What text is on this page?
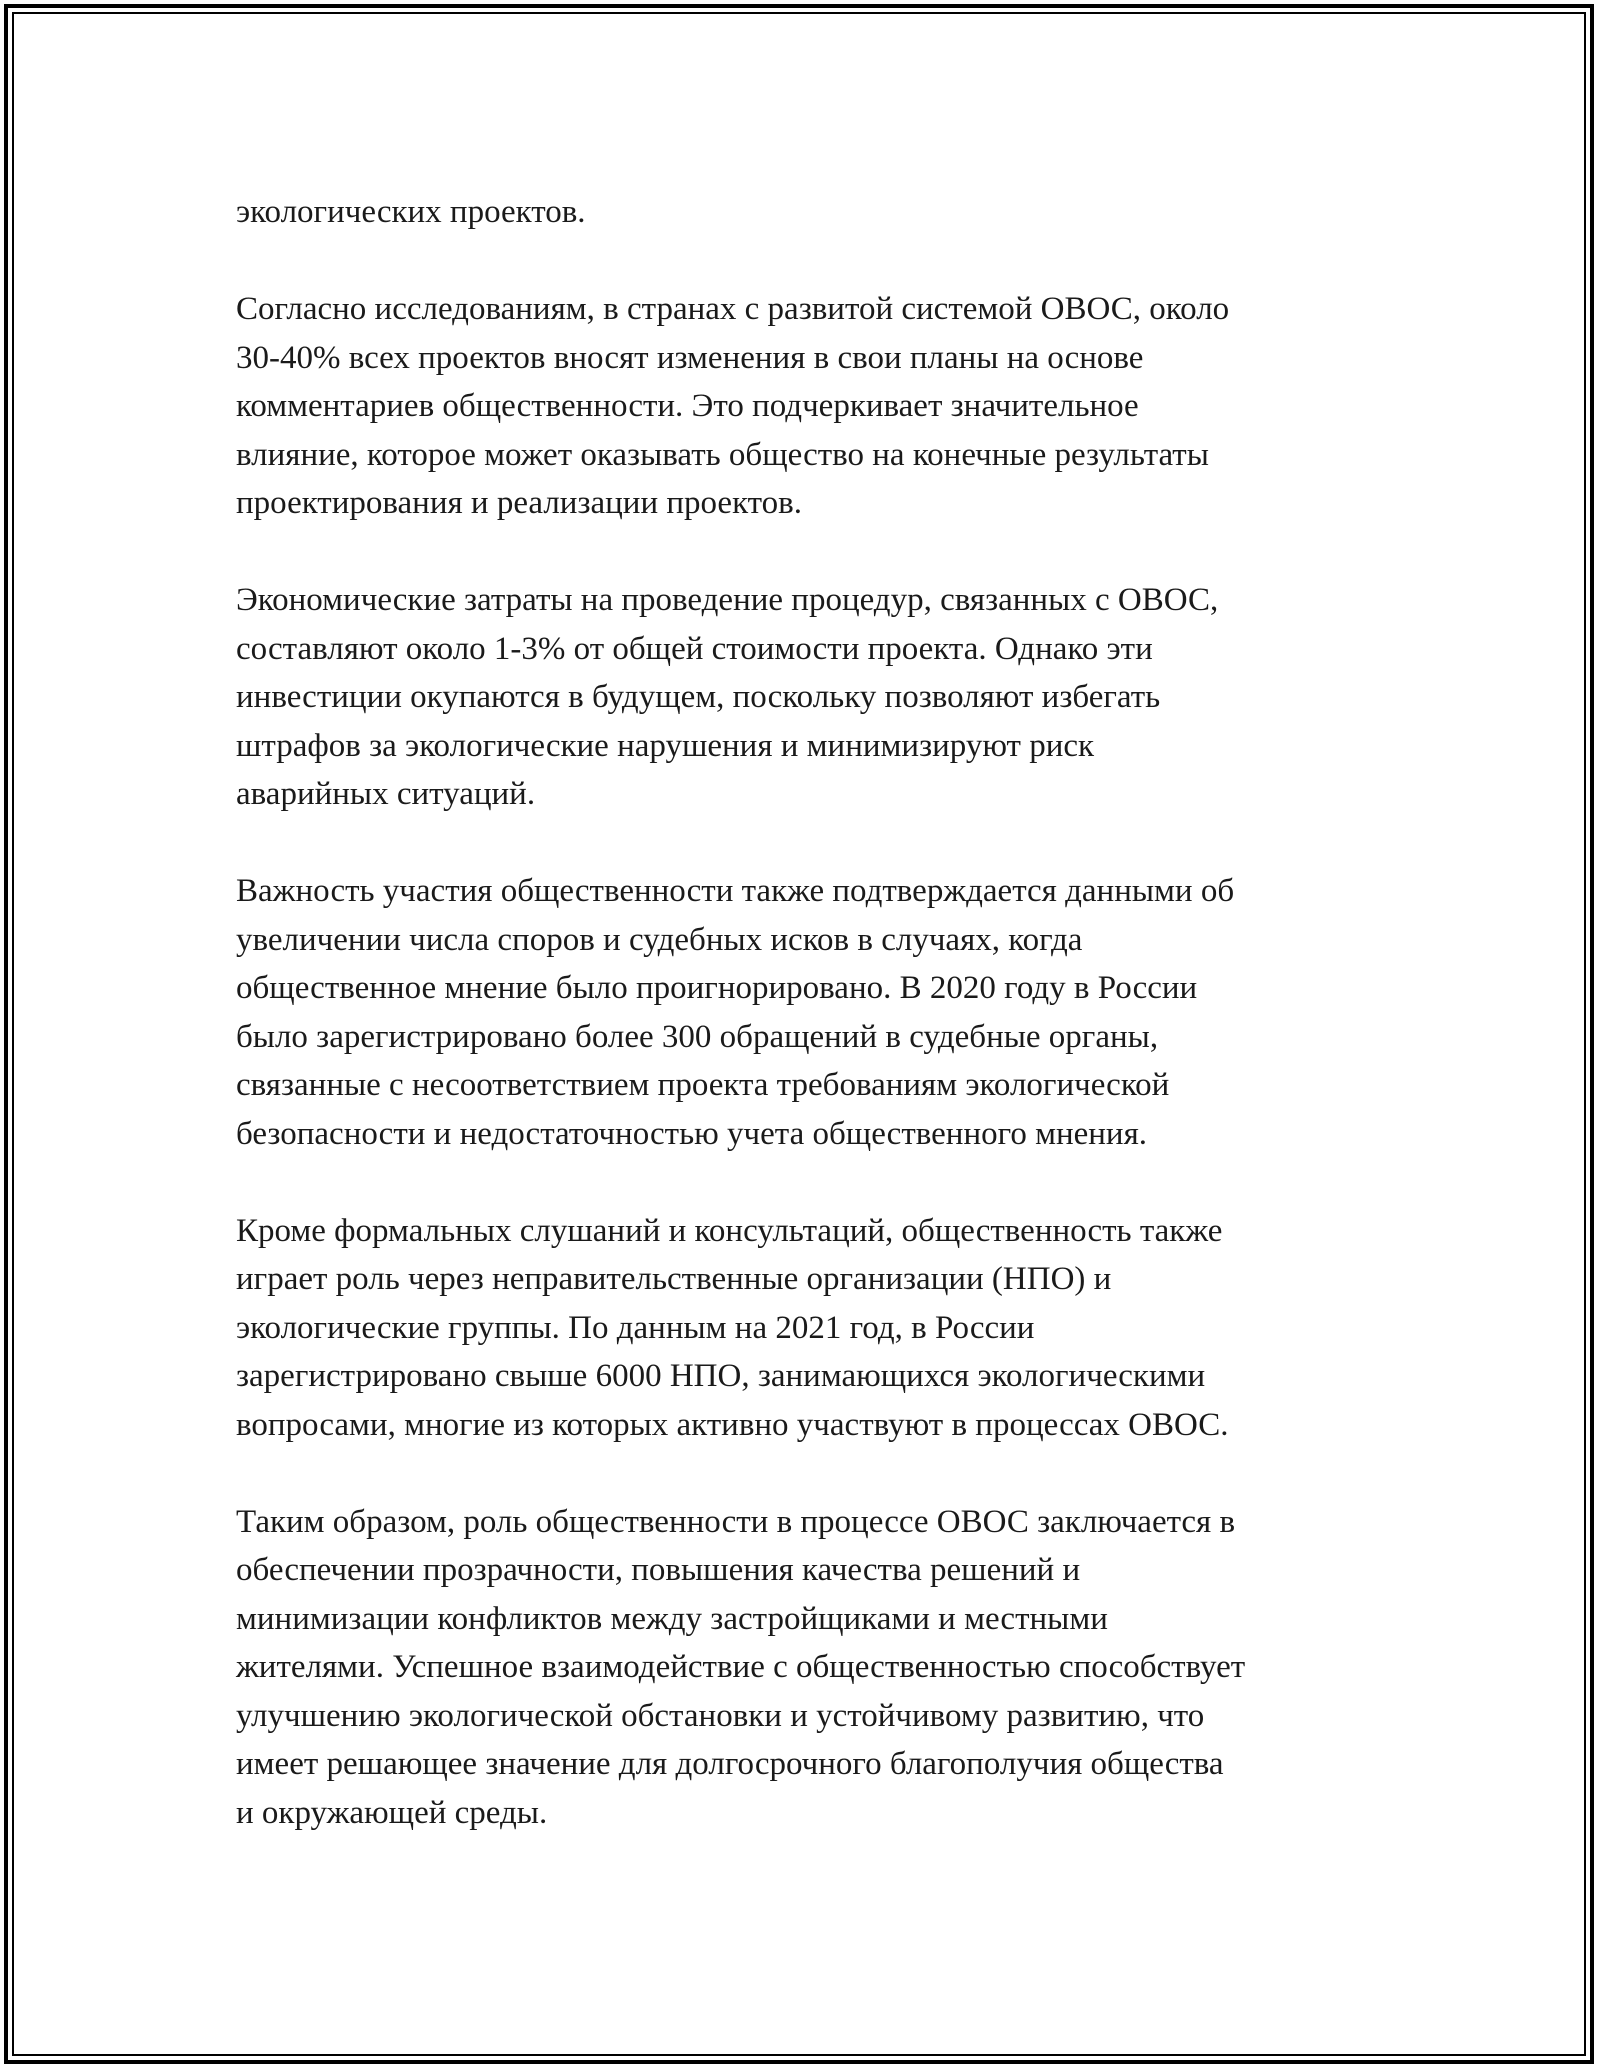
экологических проектов.

Согласно исследованиям, в странах с развитой системой ОВОС, около
30-40% всех проектов вносят изменения в свои планы на основе
комментариев общественности. Это подчеркивает значительное
влияние, которое может оказывать общество на конечные результаты
проектирования и реализации проектов.

Экономические затраты на проведение процедур, связанных с ОВОС,
составляют около 1-3% от общей стоимости проекта. Однако эти
инвестиции окупаются в будущем, поскольку позволяют избегать
штрафов за экологические нарушения и минимизируют риск
аварийных ситуаций.

Важность участия общественности также подтверждается данными об
увеличении числа споров и судебных исков в случаях, когда
общественное мнение было проигнорировано. В 2020 году в России
было зарегистрировано более 300 обращений в судебные органы,
связанные с несоответствием проекта требованиям экологической
безопасности и недостаточностью учета общественного мнения.

Кроме формальных слушаний и консультаций, общественность также
играет роль через неправительственные организации (НПО) и
экологические группы. По данным на 2021 год, в России
зарегистрировано свыше 6000 НПО, занимающихся экологическими
вопросами, многие из которых активно участвуют в процессах ОВОС.

Таким образом, роль общественности в процессе ОВОС заключается в
обеспечении прозрачности, повышения качества решений и
минимизации конфликтов между застройщиками и местными
жителями. Успешное взаимодействие с общественностью способствует
улучшению экологической обстановки и устойчивому развитию, что
имеет решающее значение для долгосрочного благополучия общества
и окружающей среды.
